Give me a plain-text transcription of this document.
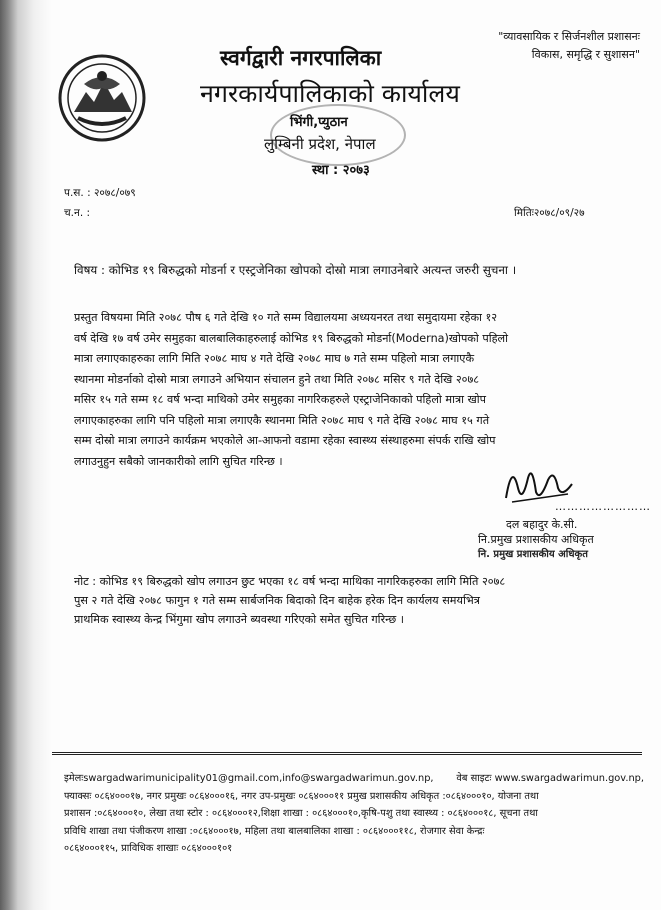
"व्यावसायिक र सिर्जनशील प्रशासनः
विकास, समृद्धि र सुशासन"
स्वर्गद्वारी नगरपालिका
नगरकार्यपालिकाको कार्यालय
भिंगी,प्युठान
लुम्बिनी प्रदेश, नेपाल
स्था : २०७३
प.स. : २०७८/०७९
च.न. :	मितिः२०७८/०९/२७
विषय : कोभिड १९ बिरुद्धको मोडर्ना र एस्ट्रजेनिका खोपको दोस्रो मात्रा लगाउनेबारे अत्यन्त जरुरी सुचना ।
प्रस्तुत विषयमा मिति २०७८ पौष ६ गते देखि १० गते सम्म विद्यालयमा अध्ययनरत तथा समुदायमा रहेका १२
वर्ष देखि १७ वर्ष उमेर समुहका बालबालिकाहरुलाई कोभिड १९ बिरुद्धको मोडर्ना(Moderna)खोपको पहिलो
मात्रा लगाएकाहरुका लागि मिति २०७८ माघ ४ गते देखि २०७८ माघ ७ गते सम्म पहिलो मात्रा लगाएकै
स्थानमा मोडर्नाको दोस्रो मात्रा लगाउने अभियान संचालन हुने तथा मिति २०७८ मसिर ९ गते देखि २०७८
मसिर १५ गते सम्म १८ वर्ष भन्दा माथिको उमेर समुहका नागरिकहरुले एस्ट्राजेनिकाको पहिलो मात्रा खोप
लगाएकाहरुका लागि पनि पहिलो मात्रा लगाएकै स्थानमा मिति २०७८ माघ ९ गते देखि २०७८ माघ १५ गते
सम्म दोस्रो मात्रा लगाउने कार्यक्रम भएकोले आ-आफनो वडामा रहेका स्वास्थ्य संस्थाहरुमा संपर्क राखि खोप
लगाउनुहुन सबैको जानकारीको लागि सुचित गरिन्छ ।
……………………
दल बहादुर के.सी.
नि.प्रमुख प्रशासकीय अधिकृत
नि. प्रमुख प्रशासकीय अधिकृत
नोट : कोभिड १९ बिरुद्धको खोप लगाउन छुट भएका १८ वर्ष भन्दा माथिका नागरिकहरुका लागि मिति २०७८
पुस २ गते देखि २०७८ फागुन १ गते सम्म सार्बजनिक बिदाको दिन बाहेक हरेक दिन कार्यलय समयभित्र
प्राथमिक स्वास्थ्य केन्द्र भिंगुमा खोप लगाउने ब्यवस्था गरिएको समेत सुचित गरिन्छ ।
इमेलःswargadwarimunicipality01@gmail.com,info@swargadwarimun.gov.np, वेब साइटः www.swargadwarimun.gov.np,
फ्याक्सः ०८६४०००१७, नगर प्रमुखः ०८६४०००१६, नगर उप-प्रमुखः ०८६४०००११ प्रमुख प्रशासकीय अधिकृत :०८६४०००१०, योजना तथा
प्रशासन :०८६४०००१०, लेखा तथा स्टोर : ०८६४०००१२,शिक्षा शाखा : ०८६४०००१०,कृषि-पशु तथा स्वास्थ्य : ०८६४०००१८, सूचना तथा
प्रविधि शाखा तथा पंजीकरण शाखा :०८६४०००१७, महिला तथा बालबालिका शाखा : ०८६४०००११८, रोजगार सेवा केन्द्रः
०८६४०००११५, प्राविधिक शाखाः ०८६४०००१०१
